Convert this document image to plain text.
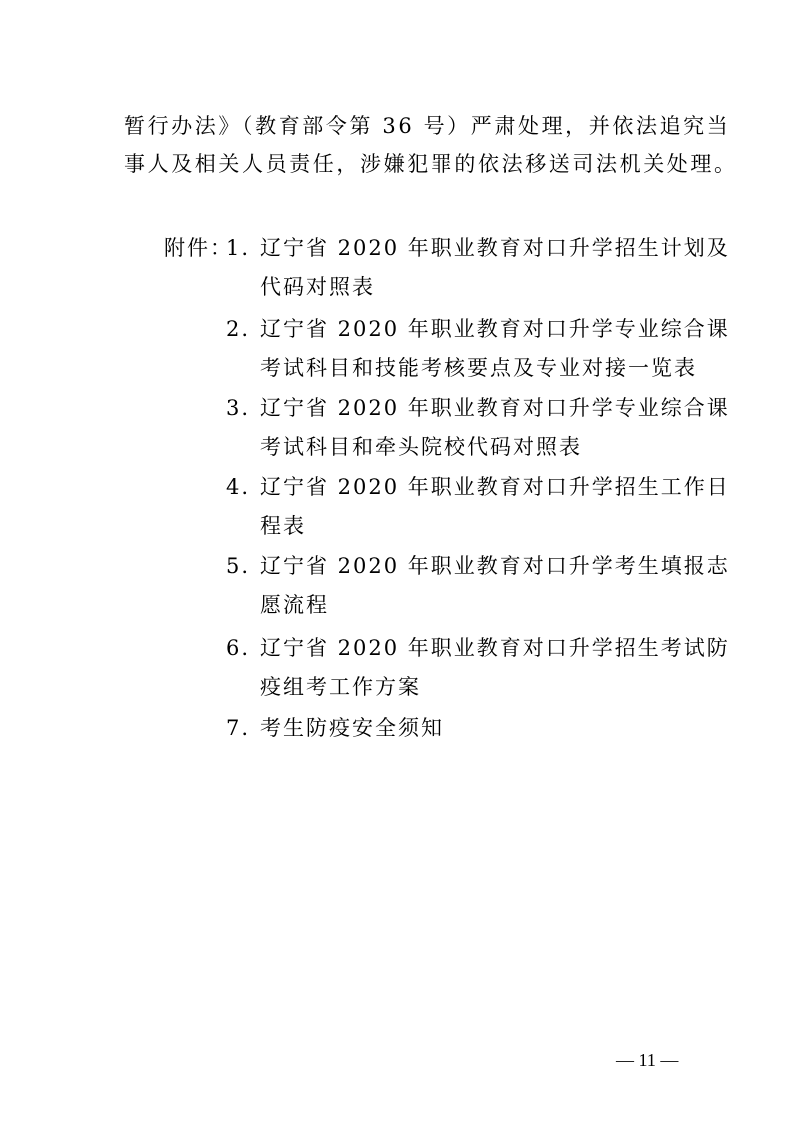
暂行办法》（教育部令第 36 号）严肃处理，并依法追究当
事人及相关人员责任，涉嫌犯罪的依法移送司法机关处理。
附件：
1. 辽宁省 2020 年职业教育对口升学招生计划及
代码对照表
2. 辽宁省 2020 年职业教育对口升学专业综合课
考试科目和技能考核要点及专业对接一览表
3. 辽宁省 2020 年职业教育对口升学专业综合课
考试科目和牵头院校代码对照表
4. 辽宁省 2020 年职业教育对口升学招生工作日
程表
5. 辽宁省 2020 年职业教育对口升学考生填报志
愿流程
6. 辽宁省 2020 年职业教育对口升学招生考试防
疫组考工作方案
7. 考生防疫安全须知
— 11 —
